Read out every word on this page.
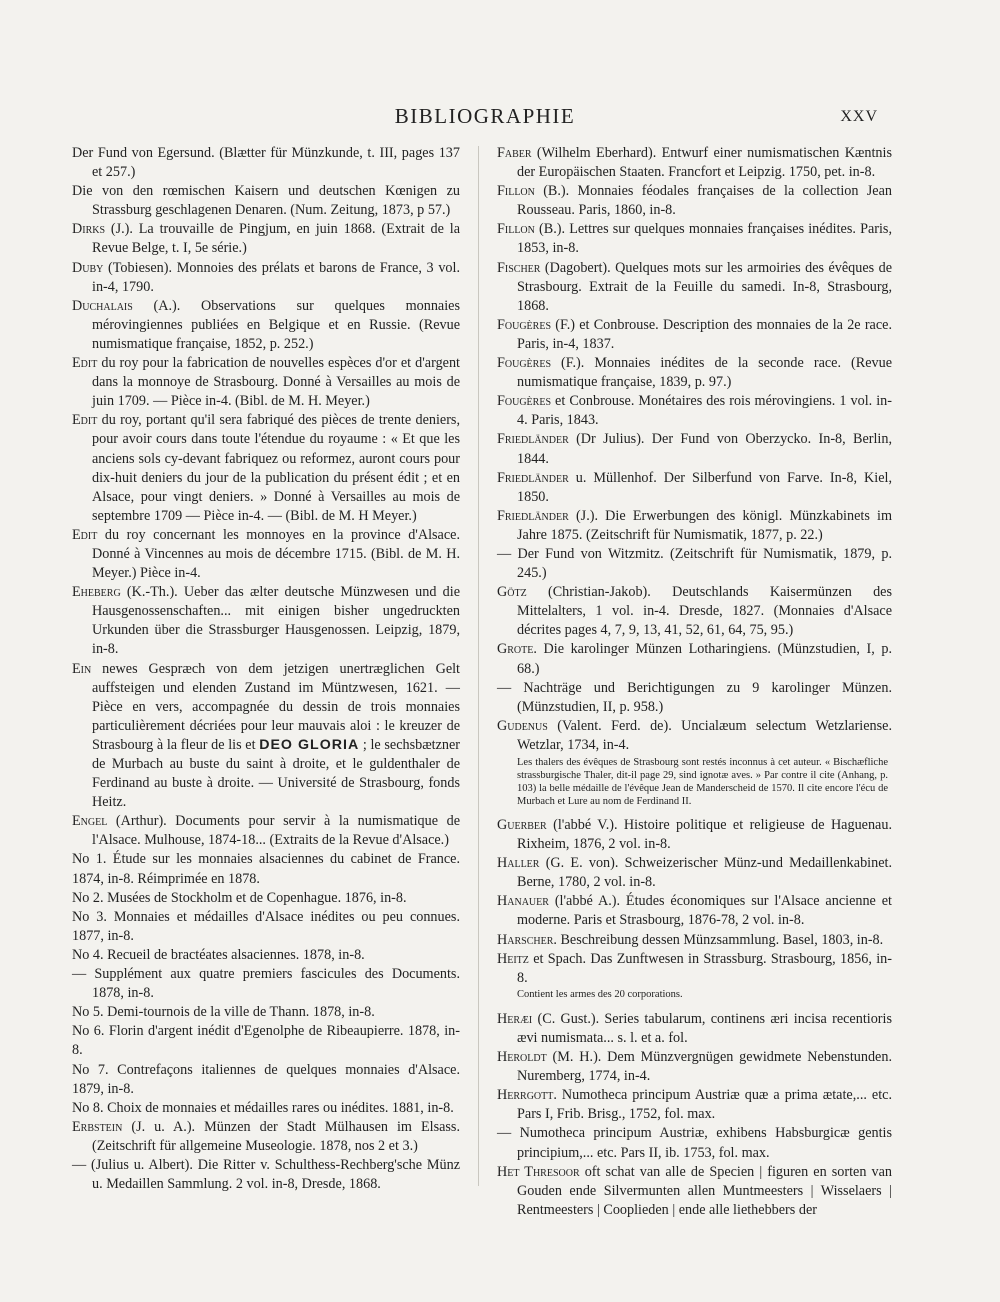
BIBLIOGRAPHIE	XXV

Der Fund von Egersund. (Blætter für Münzkunde, t. III, pages 137 et 257.)

Die von den rœmischen Kaisern und deutschen Kœnigen zu Strassburg geschlagenen Denaren. (Num. Zeitung, 1873, p 57.)

Dirks (J.). La trouvaille de Pingjum, en juin 1868. (Extrait de la Revue Belge, t. I, 5e série.)

Duby (Tobiesen). Monnoies des prélats et barons de France, 3 vol. in-4, 1790.

Duchalais (A.). Observations sur quelques monnaies mérovingiennes publiées en Belgique et en Russie. (Revue numismatique française, 1852, p. 252.)

Edit du roy pour la fabrication de nouvelles espèces d'or et d'argent dans la monnoye de Strasbourg. Donné à Versailles au mois de juin 1709. — Pièce in-4. (Bibl. de M. H. Meyer.)

Edit du roy, portant qu'il sera fabriqué des pièces de trente deniers, pour avoir cours dans toute l'étendue du royaume : « Et que les anciens sols cy-devant fabriquez ou reformez, auront cours pour dix-huit deniers du jour de la publication du présent édit ; et en Alsace, pour vingt deniers. » Donné à Versailles au mois de septembre 1709 — Pièce in-4. — (Bibl. de M. H Meyer.)

Edit du roy concernant les monnoyes en la province d'Alsace. Donné à Vincennes au mois de décembre 1715. (Bibl. de M. H. Meyer.) Pièce in-4.

Eheberg (K.-Th.). Ueber das ælter deutsche Münzwesen und die Hausgenossenschaften... mit einigen bisher ungedruckten Urkunden über die Strassburger Hausgenossen. Leipzig, 1879, in-8.

Ein newes Gespræch von dem jetzigen unertræglichen Gelt auffsteigen und elenden Zustand im Müntzwesen, 1621. — Pièce en vers, accompagnée du dessin de trois monnaies particulièrement décriées pour leur mauvais aloi : le kreuzer de Strasbourg à la fleur de lis et DEO GLORIA ; le sechsbætzner de Murbach au buste du saint à droite, et le guldenthaler de Ferdinand au buste à droite. — Université de Strasbourg, fonds Heitz.

Engel (Arthur). Documents pour servir à la numismatique de l'Alsace. Mulhouse, 1874-18... (Extraits de la Revue d'Alsace.)

No 1. Étude sur les monnaies alsaciennes du cabinet de France. 1874, in-8. Réimprimée en 1878.

No 2. Musées de Stockholm et de Copenhague. 1876, in-8.

No 3. Monnaies et médailles d'Alsace inédites ou peu connues. 1877, in-8.

No 4. Recueil de bractéates alsaciennes. 1878, in-8.

— Supplément aux quatre premiers fascicules des Documents. 1878, in-8.

No 5. Demi-tournois de la ville de Thann. 1878, in-8.

No 6. Florin d'argent inédit d'Egenolphe de Ribeaupierre. 1878, in-8.

No 7. Contrefaçons italiennes de quelques monnaies d'Alsace. 1879, in-8.

No 8. Choix de monnaies et médailles rares ou inédites. 1881, in-8.

Erbstein (J. u. A.). Münzen der Stadt Mülhausen im Elsass. (Zeitschrift für allgemeine Museologie. 1878, nos 2 et 3.)

— (Julius u. Albert). Die Ritter v. Schulthess-Rechberg'sche Münz u. Medaillen Sammlung. 2 vol. in-8, Dresde, 1868.

Faber (Wilhelm Eberhard). Entwurf einer numismatischen Kæntnis der Europäischen Staaten. Francfort et Leipzig. 1750, pet. in-8.

Fillon (B.). Monnaies féodales françaises de la collection Jean Rousseau. Paris, 1860, in-8.

Fillon (B.). Lettres sur quelques monnaies françaises inédites. Paris, 1853, in-8.

Fischer (Dagobert). Quelques mots sur les armoiries des évêques de Strasbourg. Extrait de la Feuille du samedi. In-8, Strasbourg, 1868.

Fougères (F.) et Conbrouse. Description des monnaies de la 2e race. Paris, in-4, 1837.

Fougères (F.). Monnaies inédites de la seconde race. (Revue numismatique française, 1839, p. 97.)

Fougères et Conbrouse. Monétaires des rois mérovingiens. 1 vol. in-4. Paris, 1843.

Friedländer (Dr Julius). Der Fund von Oberzycko. In-8, Berlin, 1844.

Friedländer u. Müllenhof. Der Silberfund von Farve. In-8, Kiel, 1850.

Friedländer (J.). Die Erwerbungen des königl. Münzkabinets im Jahre 1875. (Zeitschrift für Numismatik, 1877, p. 22.)

— Der Fund von Witzmitz. (Zeitschrift für Numismatik, 1879, p. 245.)

Götz (Christian-Jakob). Deutschlands Kaisermünzen des Mittelalters, 1 vol. in-4. Dresde, 1827. (Monnaies d'Alsace décrites pages 4, 7, 9, 13, 41, 52, 61, 64, 75, 95.)

Grote. Die karolinger Münzen Lotharingiens. (Münzstudien, I, p. 68.)

— Nachträge und Berichtigungen zu 9 karolinger Münzen. (Münzstudien, II, p. 958.)

Gudenus (Valent. Ferd. de). Uncialæum selectum Wetzlariense. Wetzlar, 1734, in-4.

Les thalers des évêques de Strasbourg sont restés inconnus à cet auteur. « Bischæfliche strassburgische Thaler, dit-il page 29, sind ignotæ aves. » Par contre il cite (Anhang, p. 103) la belle médaille de l'évêque Jean de Manderscheid de 1570. Il cite encore l'écu de Murbach et Lure au nom de Ferdinand II.

Guerber (l'abbé V.). Histoire politique et religieuse de Haguenau. Rixheim, 1876, 2 vol. in-8.

Haller (G. E. von). Schweizerischer Münz-und Medaillenkabinet. Berne, 1780, 2 vol. in-8.

Hanauer (l'abbé A.). Études économiques sur l'Alsace ancienne et moderne. Paris et Strasbourg, 1876-78, 2 vol. in-8.

Harscher. Beschreibung dessen Münzsammlung. Basel, 1803, in-8.

Heitz et Spach. Das Zunftwesen in Strassburg. Strasbourg, 1856, in-8.

Contient les armes des 20 corporations.

Heræi (C. Gust.). Series tabularum, continens æri incisa recentioris ævi numismata... s. l. et a. fol.

Heroldt (M. H.). Dem Münzvergnügen gewidmete Nebenstunden. Nuremberg, 1774, in-4.

Herrgott. Numotheca principum Austriæ quæ a prima ætate,... etc. Pars I, Frib. Brisg., 1752, fol. max.

— Numotheca principum Austriæ, exhibens Habsburgicæ gentis principium,... etc. Pars II, ib. 1753, fol. max.

Het Thresoor oft schat van alle de Specien | figuren en sorten van Gouden ende Silvermunten allen Muntmeesters | Wisselaers | Rentmeesters | Cooplieden | ende alle liethebbers der
